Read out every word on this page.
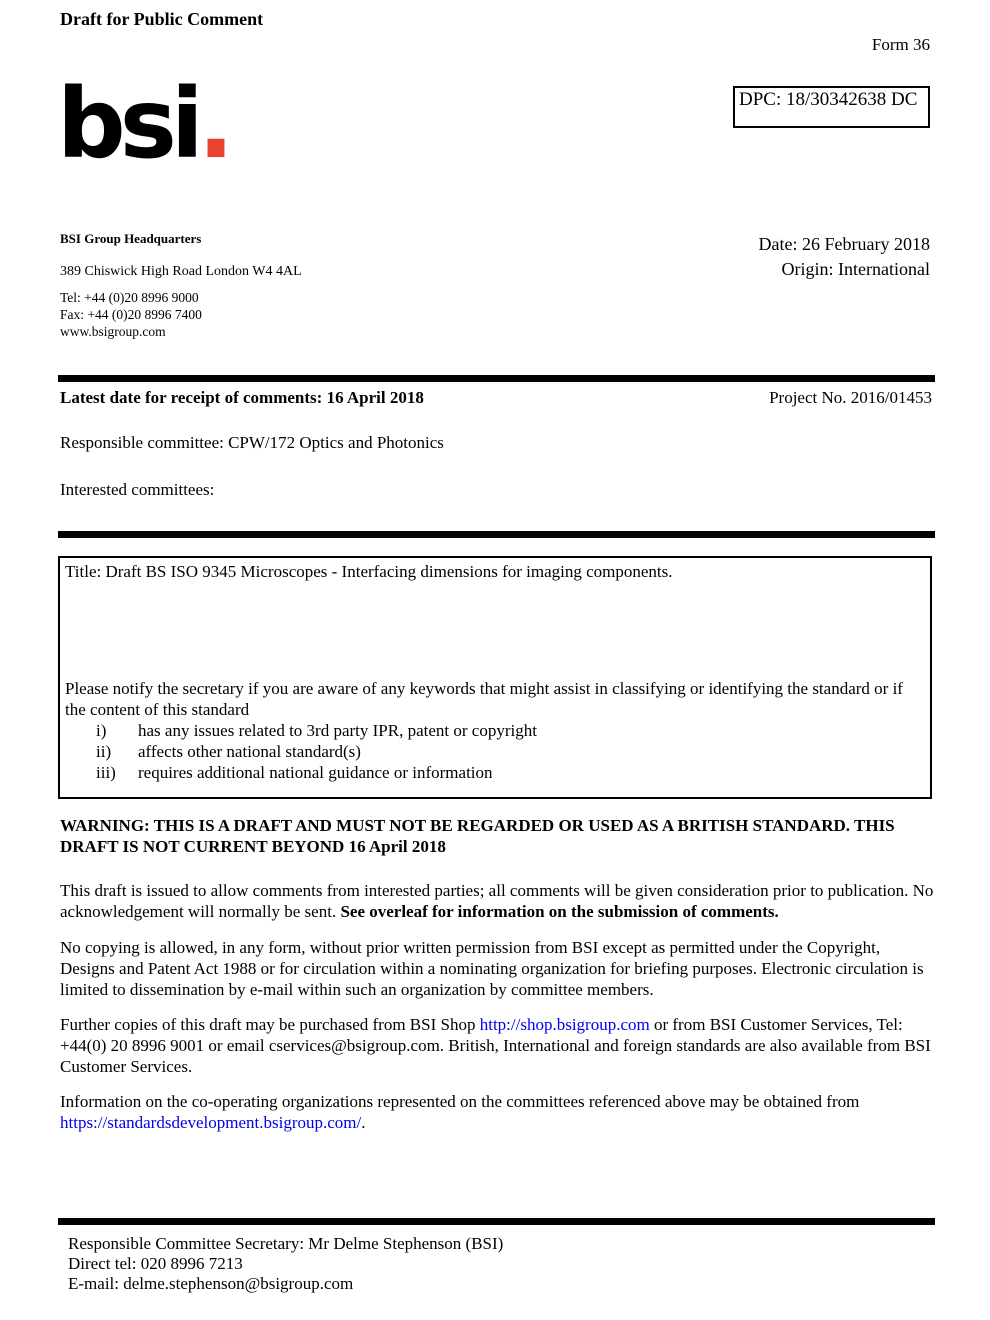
Draft for Public Comment
Form 36
DPC: 18/30342638 DC
bsi.
BSI Group Headquarters
389 Chiswick High Road London W4 4AL
Tel: +44 (0)20 8996 9000
Fax: +44 (0)20 8996 7400
www.bsigroup.com
Date: 26 February 2018
Origin: International
Latest date for receipt of comments: 16 April 2018	Project No. 2016/01453
Responsible committee: CPW/172 Optics and Photonics
Interested committees:
Title: Draft BS ISO 9345 Microscopes - Interfacing dimensions for imaging components.
Please notify the secretary if you are aware of any keywords that might assist in classifying or identifying the standard or if the content of this standard
i)	has any issues related to 3rd party IPR, patent or copyright
ii)	affects other national standard(s)
iii)	requires additional national guidance or information
WARNING: THIS IS A DRAFT AND MUST NOT BE REGARDED OR USED AS A BRITISH STANDARD. THIS DRAFT IS NOT CURRENT BEYOND 16 April 2018

This draft is issued to allow comments from interested parties; all comments will be given consideration prior to publication. No acknowledgement will normally be sent. See overleaf for information on the submission of comments.

No copying is allowed, in any form, without prior written permission from BSI except as permitted under the Copyright, Designs and Patent Act 1988 or for circulation within a nominating organization for briefing purposes. Electronic circulation is limited to dissemination by e-mail within such an organization by committee members.

Further copies of this draft may be purchased from BSI Shop http://shop.bsigroup.com or from BSI Customer Services, Tel: +44(0) 20 8996 9001 or email cservices@bsigroup.com. British, International and foreign standards are also available from BSI Customer Services.

Information on the co-operating organizations represented on the committees referenced above may be obtained from https://standardsdevelopment.bsigroup.com/.

Responsible Committee Secretary: Mr Delme Stephenson (BSI)
Direct tel: 020 8996 7213
E-mail: delme.stephenson@bsigroup.com
